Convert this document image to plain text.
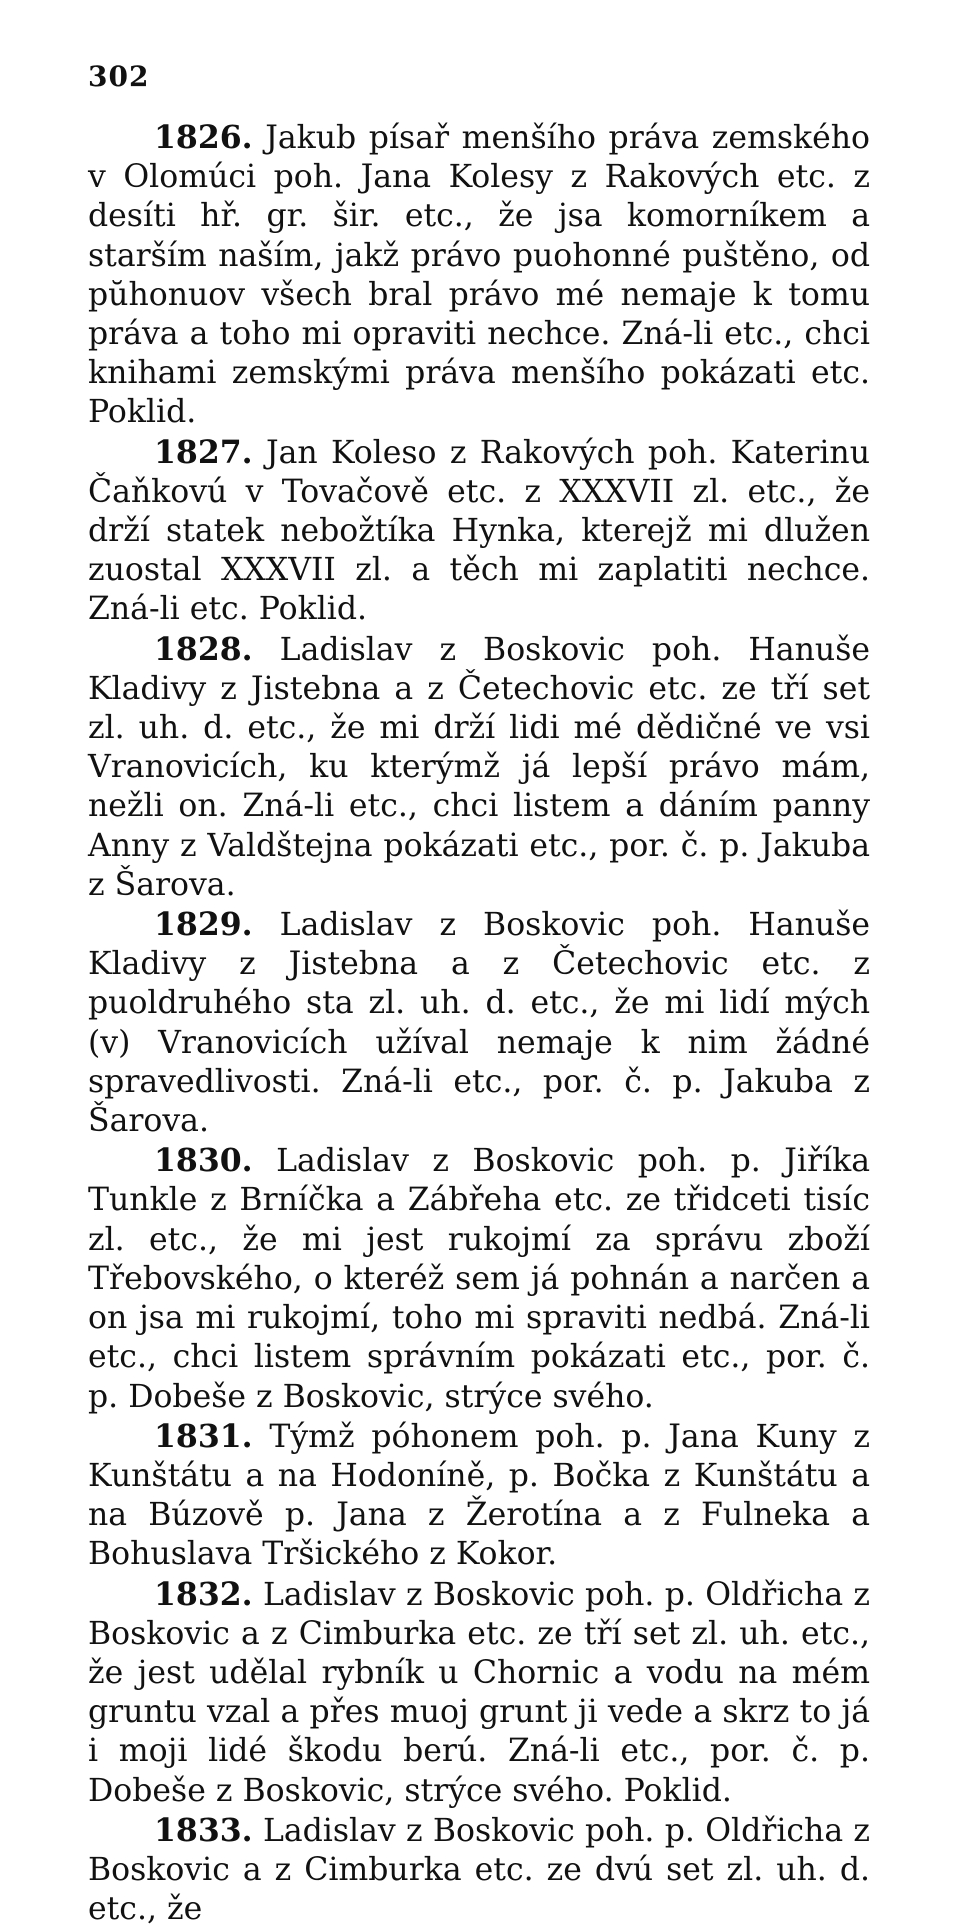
302

1826. Jakub písař menšího práva zemského v Olomúci poh. Jana Kolesy z Rakových etc. z desíti hř. gr. šir. etc., že jsa komorníkem a starším naším, jakž právo puohonné puštěno, od pŭhonuov všech bral právo mé nemaje k tomu práva a toho mi opraviti nechce. Zná-li etc., chci knihami zemskými práva menšího pokázati etc. Poklid.

1827. Jan Koleso z Rakových poh. Katerinu Čaňkovú v Tovačově etc. z XXXVII zl. etc., že drží statek nebožtíka Hynka, kterejž mi dlužen zuostal XXXVII zl. a těch mi zaplatiti nechce. Zná-li etc. Poklid.

1828. Ladislav z Boskovic poh. Hanuše Kladivy z Jistebna a z Četechovic etc. ze tří set zl. uh. d. etc., že mi drží lidi mé dědičné ve vsi Vranovicích, ku kterýmž já lepší právo mám, nežli on. Zná-li etc., chci listem a dáním panny Anny z Valdštejna pokázati etc., por. č. p. Jakuba z Šarova.

1829. Ladislav z Boskovic poh. Hanuše Kladivy z Jistebna a z Četechovic etc. z puoldruhého sta zl. uh. d. etc., že mi lidí mých (v) Vranovicích užíval nemaje k nim žádné spravedlivosti. Zná-li etc., por. č. p. Jakuba z Šarova.

1830. Ladislav z Boskovic poh. p. Jiříka Tunkle z Brníčka a Zábřeha etc. ze třidceti tisíc zl. etc., že mi jest rukojmí za správu zboží Třebovského, o kteréž sem já pohnán a narčen a on jsa mi rukojmí, toho mi spraviti nedbá. Zná-li etc., chci listem správním pokázati etc., por. č. p. Dobeše z Boskovic, strýce svého.

1831. Týmž póhonem poh. p. Jana Kuny z Kunštátu a na Hodoníně, p. Bočka z Kunštátu a na Búzově p. Jana z Žerotína a z Fulneka a Bohuslava Tršického z Kokor.

1832. Ladislav z Boskovic poh. p. Oldřicha z Boskovic a z Cimburka etc. ze tří set zl. uh. etc., že jest udělal rybník u Chornic a vodu na mém gruntu vzal a přes muoj grunt ji vede a skrz to já i mоji lidé škodu berú. Zná-li etc., por. č. p. Dobeše z Boskovic, strýce svého. Poklid.

1833. Ladislav z Boskovic poh. p. Oldřicha z Boskovic a z Cimburka etc. ze dvú set zl. uh. d. etc., že
